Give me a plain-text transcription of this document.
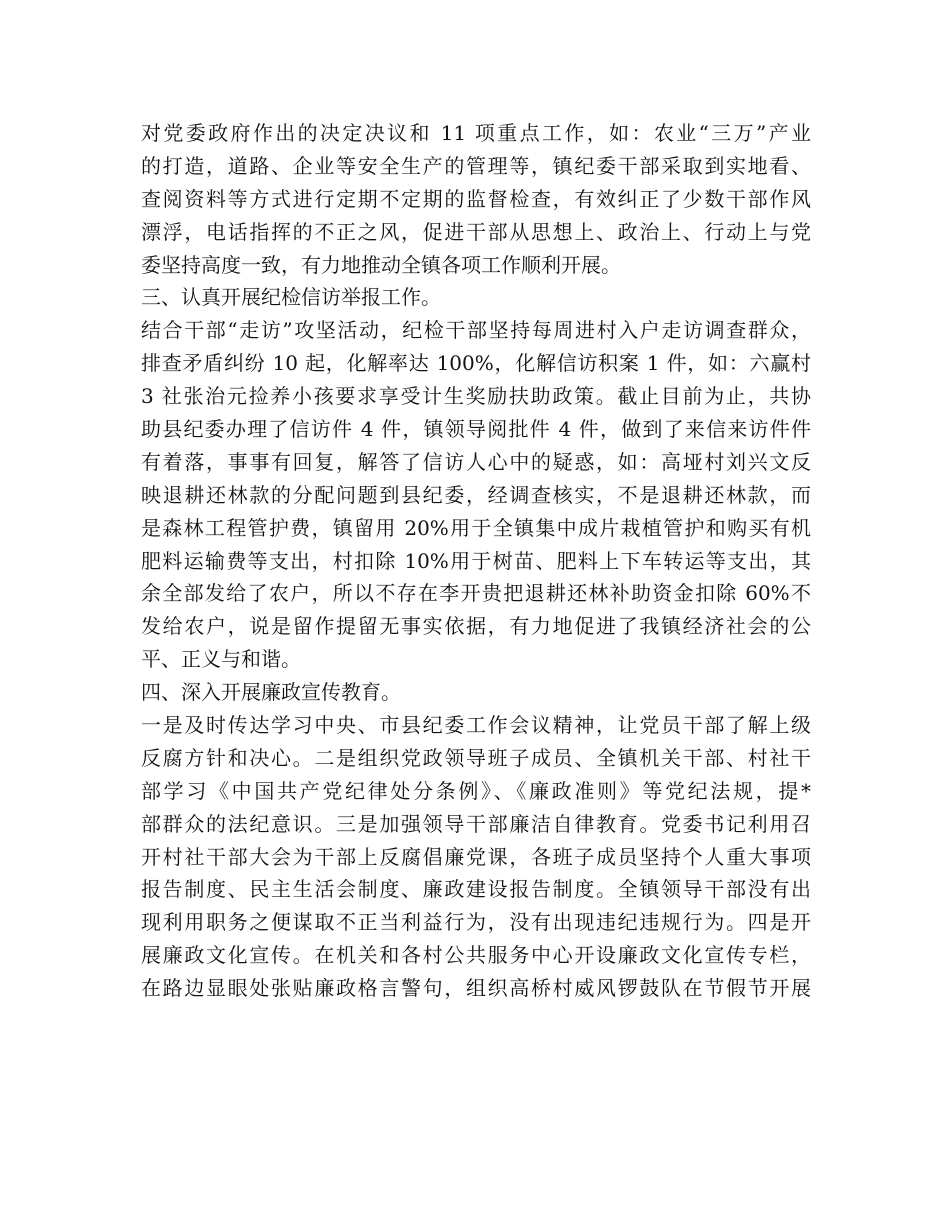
对党委政府作出的决定决议和 11 项重点工作，如：农业“三万”产业
的打造，道路、企业等安全生产的管理等，镇纪委干部采取到实地看、
查阅资料等方式进行定期不定期的监督检查，有效纠正了少数干部作风
漂浮，电话指挥的不正之风，促进干部从思想上、政治上、行动上与党
委坚持高度一致，有力地推动全镇各项工作顺利开展。
三、认真开展纪检信访举报工作。
结合干部“走访”攻坚活动，纪检干部坚持每周进村入户走访调查群众，
排查矛盾纠纷 10 起，化解率达 100%，化解信访积案 1 件，如：六赢村
3 社张治元捡养小孩要求享受计生奖励扶助政策。截止目前为止，共协
助县纪委办理了信访件 4 件，镇领导阅批件 4 件，做到了来信来访件件
有着落，事事有回复，解答了信访人心中的疑惑，如：高垭村刘兴文反
映退耕还林款的分配问题到县纪委，经调查核实，不是退耕还林款，而
是森林工程管护费，镇留用 20%用于全镇集中成片栽植管护和购买有机
肥料运输费等支出，村扣除 10%用于树苗、肥料上下车转运等支出，其
余全部发给了农户，所以不存在李开贵把退耕还林补助资金扣除 60%不
发给农户，说是留作提留无事实依据，有力地促进了我镇经济社会的公
平、正义与和谐。
四、深入开展廉政宣传教育。
一是及时传达学习中央、市县纪委工作会议精神，让党员干部了解上级
反腐方针和决心。二是组织党政领导班子成员、全镇机关干部、村社干
部学习《中国共产党纪律处分条例》、《廉政准则》等党纪法规，提*
部群众的法纪意识。三是加强领导干部廉洁自律教育。党委书记利用召
开村社干部大会为干部上反腐倡廉党课，各班子成员坚持个人重大事项
报告制度、民主生活会制度、廉政建设报告制度。全镇领导干部没有出
现利用职务之便谋取不正当利益行为，没有出现违纪违规行为。四是开
展廉政文化宣传。在机关和各村公共服务中心开设廉政文化宣传专栏，
在路边显眼处张贴廉政格言警句，组织高桥村威风锣鼓队在节假节开展
